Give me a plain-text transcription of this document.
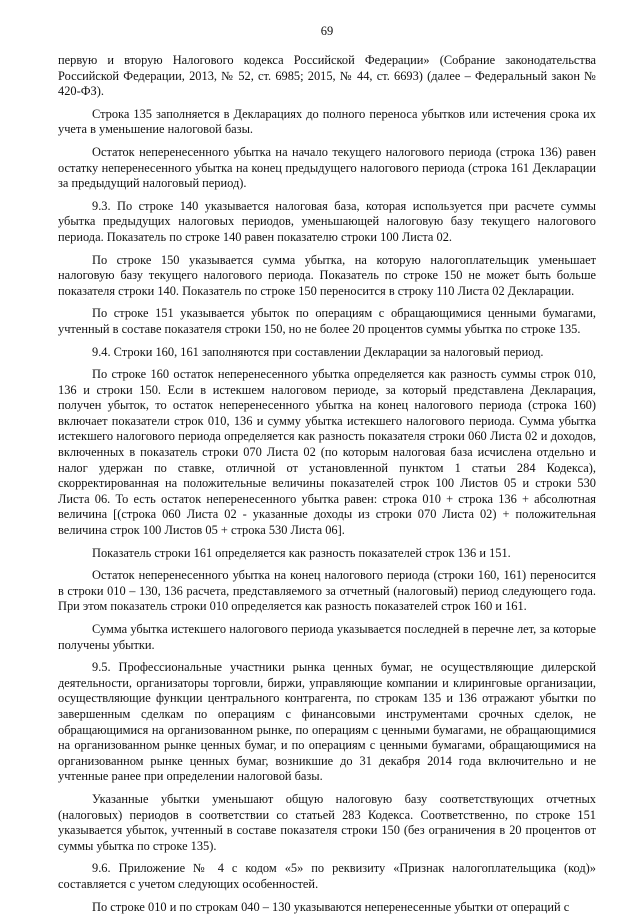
69

первую и вторую Налогового кодекса Российской Федерации» (Собрание законодательства Российской Федерации, 2013, № 52, ст. 6985; 2015, № 44, ст. 6693) (далее – Федеральный закон № 420-ФЗ).

Строка 135 заполняется в Декларациях до полного переноса убытков или истечения срока их учета в уменьшение налоговой базы.

Остаток неперенесенного убытка на начало текущего налогового периода (строка 136) равен остатку неперенесенного убытка на конец предыдущего налогового периода (строка 161 Декларации за предыдущий налоговый период).

9.3. По строке 140 указывается налоговая база, которая используется при расчете суммы убытка предыдущих налоговых периодов, уменьшающей налоговую базу текущего налогового периода. Показатель по строке 140 равен показателю строки 100 Листа 02.

По строке 150 указывается сумма убытка, на которую налогоплательщик уменьшает налоговую базу текущего налогового периода. Показатель по строке 150 не может быть больше показателя строки 140. Показатель по строке 150 переносится в строку 110 Листа 02 Декларации.

По строке 151 указывается убыток по операциям с обращающимися ценными бумагами, учтенный в составе показателя строки 150, но не более 20 процентов суммы убытка по строке 135.

9.4. Строки 160, 161 заполняются при составлении Декларации за налоговый период.

По строке 160 остаток неперенесенного убытка определяется как разность суммы строк 010, 136 и строки 150. Если в истекшем налоговом периоде, за который представлена Декларация, получен убыток, то остаток неперенесенного убытка на конец налогового периода (строка 160) включает показатели строк 010, 136 и сумму убытка истекшего налогового периода. Сумма убытка истекшего налогового периода определяется как разность показателя строки 060 Листа 02 и доходов, включенных в показатель строки 070 Листа 02 (по которым налоговая база исчислена отдельно и налог удержан по ставке, отличной от установленной пунктом 1 статьи 284 Кодекса), скорректированная на положительные величины показателей строк 100 Листов 05 и строки 530 Листа 06. То есть остаток неперенесенного убытка равен: строка 010 + строка 136 + абсолютная величина [(строка 060 Листа 02 - указанные доходы из строки 070 Листа 02) + положительная величина строк 100 Листов 05 + строка 530 Листа 06].

Показатель строки 161 определяется как разность показателей строк 136 и 151.

Остаток неперенесенного убытка на конец налогового периода (строки 160, 161) переносится в строки 010 – 130, 136 расчета, представляемого за отчетный (налоговый) период следующего года. При этом показатель строки 010 определяется как разность показателей строк 160 и 161.

Сумма убытка истекшего налогового периода указывается последней в перечне лет, за которые получены убытки.

9.5. Профессиональные участники рынка ценных бумаг, не осуществляющие дилерской деятельности, организаторы торговли, биржи, управляющие компании и клиринговые организации, осуществляющие функции центрального контрагента, по строкам 135 и 136 отражают убытки по завершенным сделкам по операциям с финансовыми инструментами срочных сделок, не обращающимися на организованном рынке, по операциям с ценными бумагами, не обращающимися на организованном рынке ценных бумаг, и по операциям с ценными бумагами, обращающимися на организованном рынке ценных бумаг, возникшие до 31 декабря 2014 года включительно и не учтенные ранее при определении налоговой базы.

Указанные убытки уменьшают общую налоговую базу соответствующих отчетных (налоговых) периодов в соответствии со статьей 283 Кодекса. Соответственно, по строке 151 указывается убыток, учтенный в составе показателя строки 150 (без ограничения в 20 процентов от суммы убытка по строке 135).

9.6. Приложение № 4 с кодом «5» по реквизиту «Признак налогоплательщика (код)» составляется с учетом следующих особенностей.

По строке 010 и по строкам 040 – 130 указываются неперенесенные убытки от операций с
